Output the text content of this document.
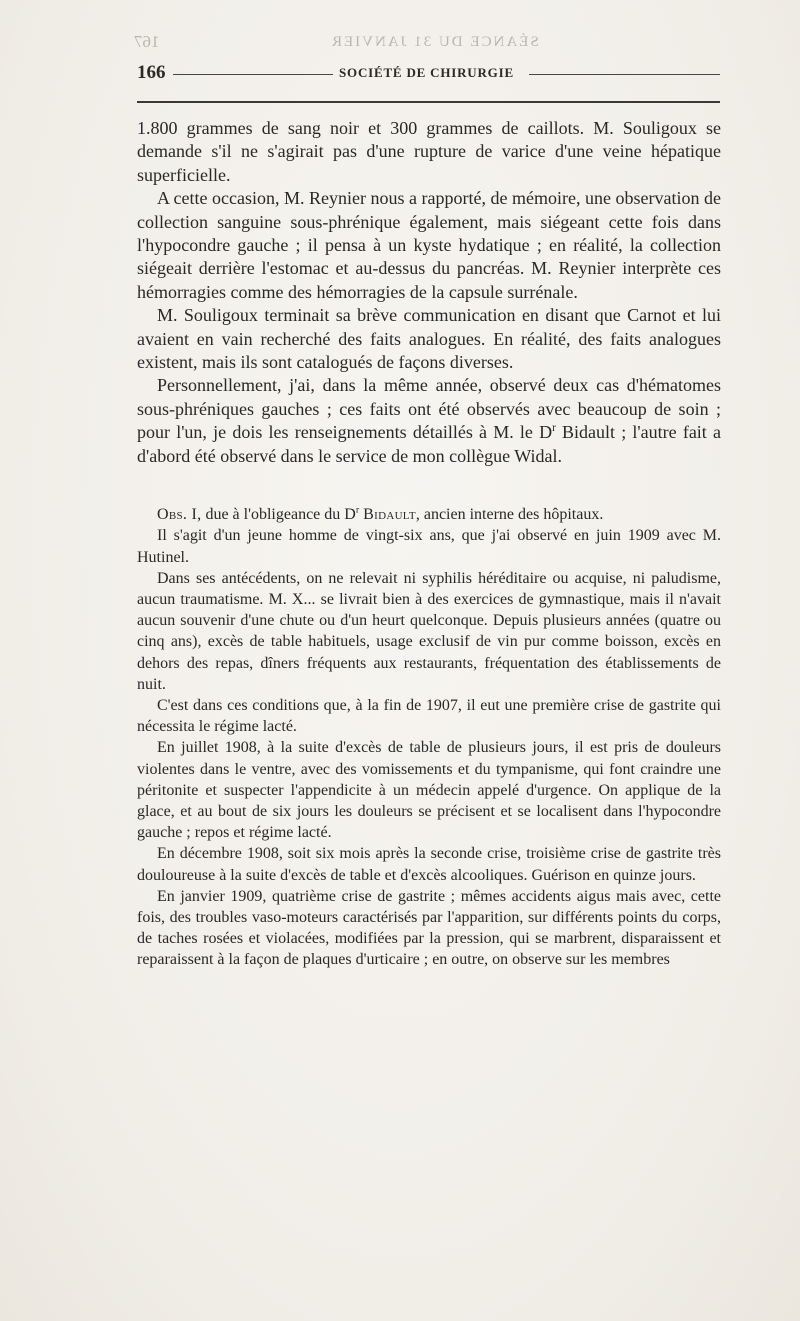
167	SÉANCE DU 31 JANVIER
166	SOCIÉTÉ DE CHIRURGIE

1.800 grammes de sang noir et 300 grammes de caillots. M. Souligoux se demande s'il ne s'agirait pas d'une rupture de varice d'une veine hépatique superficielle.

A cette occasion, M. Reynier nous a rapporté, de mémoire, une observation de collection sanguine sous-phrénique également, mais siégeant cette fois dans l'hypocondre gauche ; il pensa à un kyste hydatique ; en réalité, la collection siégeait derrière l'estomac et au-dessus du pancréas. M. Reynier interprète ces hémorragies comme des hémorragies de la capsule surrénale.

M. Souligoux terminait sa brève communication en disant que Carnot et lui avaient en vain recherché des faits analogues. En réalité, des faits analogues existent, mais ils sont catalogués de façons diverses.

Personnellement, j'ai, dans la même année, observé deux cas d'hématomes sous-phréniques gauches ; ces faits ont été observés avec beaucoup de soin ; pour l'un, je dois les renseignements détaillés à M. le $D^r$ Bidault ; l'autre fait a d'abord été observé dans le service de mon collègue Widal.

Obs. I, due à l'obligeance du $D^r$ Bidault, ancien interne des hôpitaux.

Il s'agit d'un jeune homme de vingt-six ans, que j'ai observé en juin 1909 avec M. Hutinel.

Dans ses antécédents, on ne relevait ni syphilis héréditaire ou acquise, ni paludisme, aucun traumatisme. M. X... se livrait bien à des exercices de gymnastique, mais il n'avait aucun souvenir d'une chute ou d'un heurt quelconque. Depuis plusieurs années (quatre ou cinq ans), excès de table habituels, usage exclusif de vin pur comme boisson, excès en dehors des repas, dîners fréquents aux restaurants, fréquentation des établissements de nuit.

C'est dans ces conditions que, à la fin de 1907, il eut une première crise de gastrite qui nécessita le régime lacté.

En juillet 1908, à la suite d'excès de table de plusieurs jours, il est pris de douleurs violentes dans le ventre, avec des vomissements et du tympanisme, qui font craindre une péritonite et suspecter l'appendicite à un médecin appelé d'urgence. On applique de la glace, et au bout de six jours les douleurs se précisent et se localisent dans l'hypocondre gauche ; repos et régime lacté.

En décembre 1908, soit six mois après la seconde crise, troisième crise de gastrite très douloureuse à la suite d'excès de table et d'excès alcooliques. Guérison en quinze jours.

En janvier 1909, quatrième crise de gastrite ; mêmes accidents aigus mais avec, cette fois, des troubles vaso-moteurs caractérisés par l'apparition, sur différents points du corps, de taches rosées et violacées, modifiées par la pression, qui se marbrent, disparaissent et reparaissent à la façon de plaques d'urticaire ; en outre, on observe sur les membres
